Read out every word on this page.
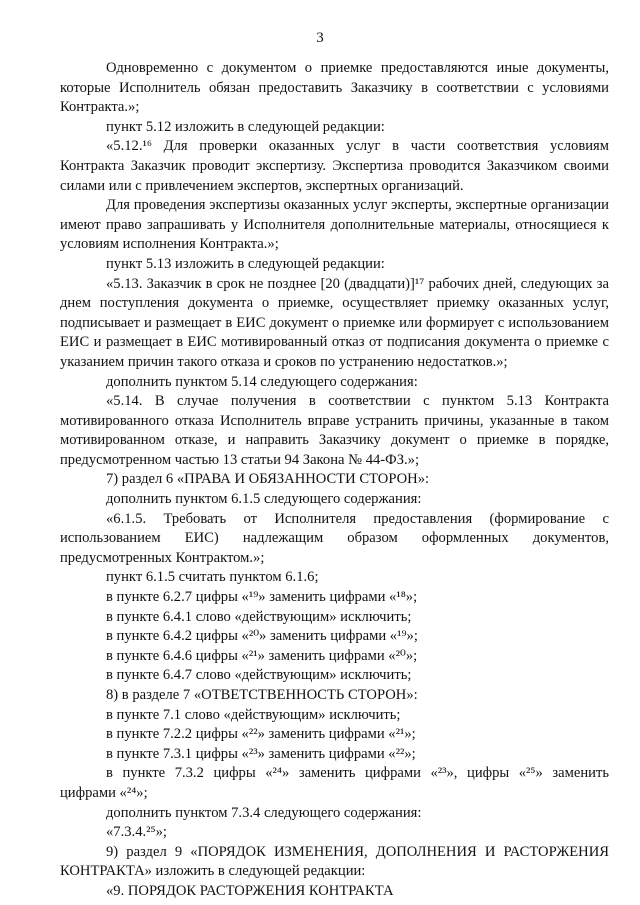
3

Одновременно с документом о приемке предоставляются иные документы, которые Исполнитель обязан предоставить Заказчику в соответствии с условиями Контракта.»;

пункт 5.12 изложить в следующей редакции:

«5.12.¹⁶ Для проверки оказанных услуг в части соответствия условиям Контракта Заказчик проводит экспертизу. Экспертиза проводится Заказчиком своими силами или с привлечением экспертов, экспертных организаций.

Для проведения экспертизы оказанных услуг эксперты, экспертные организации имеют право запрашивать у Исполнителя дополнительные материалы, относящиеся к условиям исполнения Контракта.»;

пункт 5.13 изложить в следующей редакции:

«5.13. Заказчик в срок не позднее [20 (двадцати)]¹⁷ рабочих дней, следующих за днем поступления документа о приемке, осуществляет приемку оказанных услуг, подписывает и размещает в ЕИС документ о приемке или формирует с использованием ЕИС и размещает в ЕИС мотивированный отказ от подписания документа о приемке с указанием причин такого отказа и сроков по устранению недостатков.»;

дополнить пунктом 5.14 следующего содержания:

«5.14. В случае получения в соответствии с пунктом 5.13 Контракта мотивированного отказа Исполнитель вправе устранить причины, указанные в таком мотивированном отказе, и направить Заказчику документ о приемке в порядке, предусмотренном частью 13 статьи 94 Закона № 44-ФЗ.»;

7) раздел 6 «ПРАВА И ОБЯЗАННОСТИ СТОРОН»:

дополнить пунктом 6.1.5 следующего содержания:

«6.1.5. Требовать от Исполнителя предоставления (формирование с использованием ЕИС) надлежащим образом оформленных документов, предусмотренных Контрактом.»;

пункт 6.1.5 считать пунктом 6.1.6;

в пункте 6.2.7 цифры «¹⁹» заменить цифрами «¹⁸»;

в пункте 6.4.1 слово «действующим» исключить;

в пункте 6.4.2 цифры «²⁰» заменить цифрами «¹⁹»;

в пункте 6.4.6 цифры «²¹» заменить цифрами «²⁰»;

в пункте 6.4.7 слово «действующим» исключить;

8) в разделе 7 «ОТВЕТСТВЕННОСТЬ СТОРОН»:

в пункте 7.1 слово «действующим» исключить;

в пункте 7.2.2 цифры «²²» заменить цифрами «²¹»;

в пункте 7.3.1 цифры «²³» заменить цифрами «²²»;

в пункте 7.3.2 цифры «²⁴» заменить цифрами «²³», цифры «²⁵» заменить цифрами «²⁴»;

дополнить пунктом 7.3.4 следующего содержания:

«7.3.4.²⁵»;

9) раздел 9 «ПОРЯДОК ИЗМЕНЕНИЯ, ДОПОЛНЕНИЯ И РАСТОРЖЕНИЯ КОНТРАКТА» изложить в следующей редакции:

«9. ПОРЯДОК РАСТОРЖЕНИЯ КОНТРАКТА
